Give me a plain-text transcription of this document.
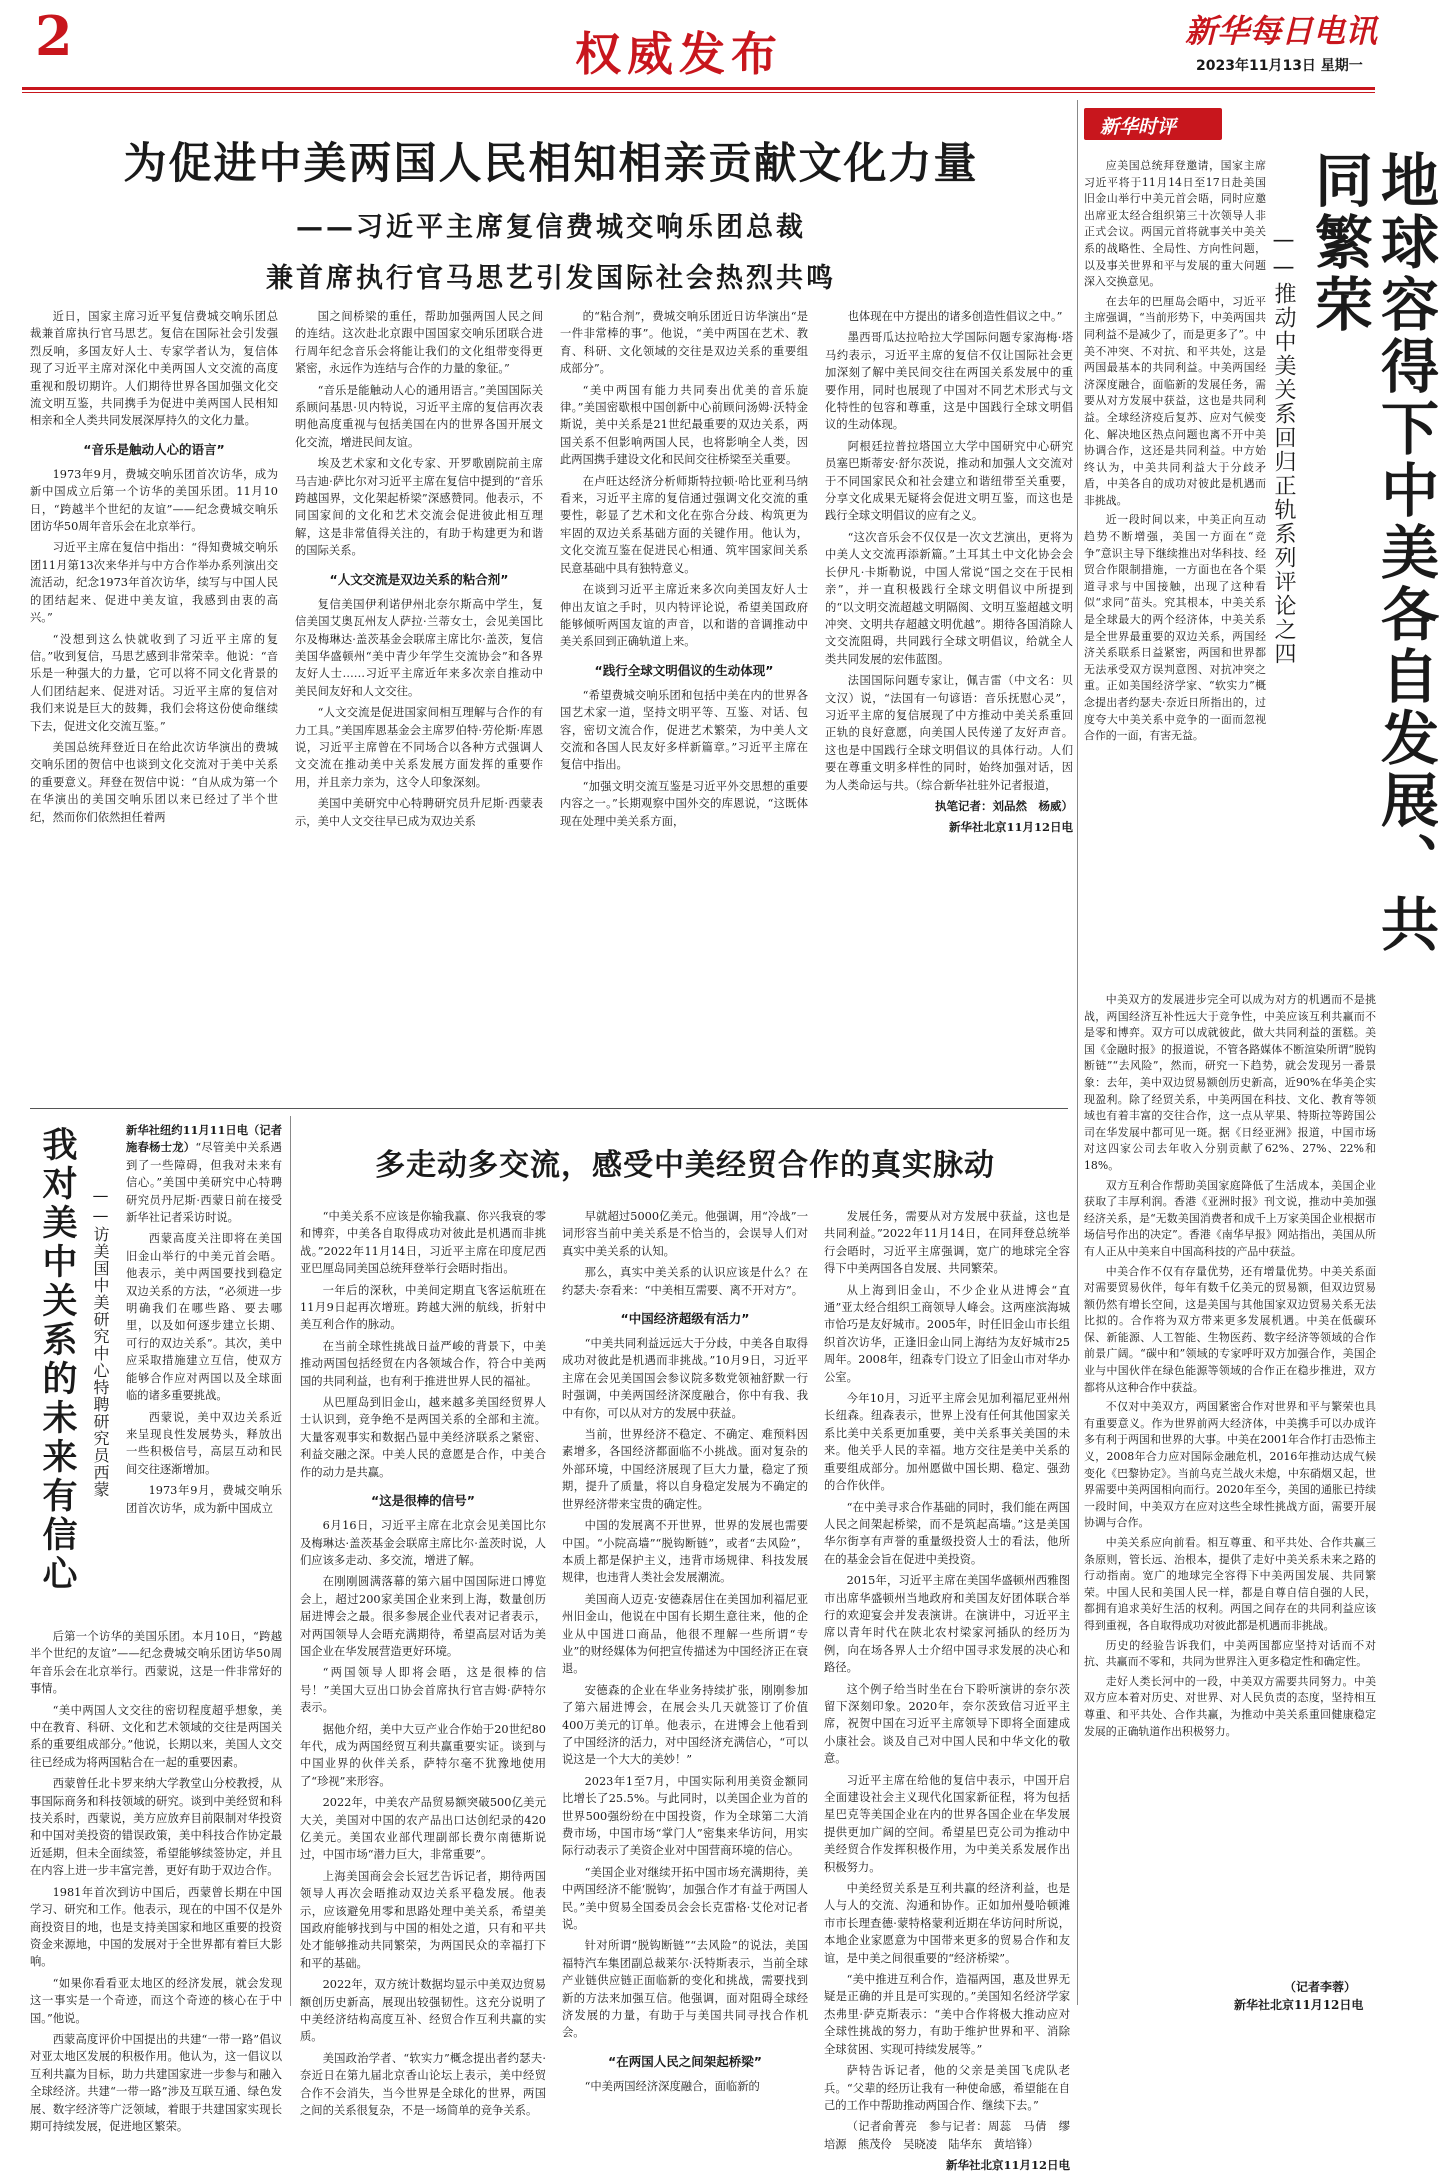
2	权威发布	新华每日电讯
2023年11月13日 星期一
为促进中美两国人民相知相亲贡献文化力量
——习近平主席复信费城交响乐团总裁
兼首席执行官马思艺引发国际社会热烈共鸣

近日，国家主席习近平复信费城交响乐团总裁兼首席执行官马思艺。复信在国际社会引发强烈反响，多国友好人士、专家学者认为，复信体现了习近平主席对深化中美两国人文交流的高度重视和殷切期许。人们期待世界各国加强文化交流文明互鉴，共同携手为促进中美两国人民相知相亲和全人类共同发展深厚持久的文化力量。

“音乐是触动人心的语言”

1973年9月，费城交响乐团首次访华，成为新中国成立后第一个访华的美国乐团。11月10日，“跨越半个世纪的友谊”——纪念费城交响乐团访华50周年音乐会在北京举行。

习近平主席在复信中指出：“得知费城交响乐团11月第13次来华并与中方合作举办系列演出交流活动，纪念1973年首次访华，续写与中国人民的团结起来、促进中美友谊，我感到由衷的高兴。”

“没想到这么快就收到了习近平主席的复信。”收到复信，马思艺感到非常荣幸。他说：“音乐是一种强大的力量，它可以将不同文化背景的人们团结起来、促进对话。习近平主席的复信对我们来说是巨大的鼓舞，我们会将这份使命继续下去，促进文化交流互鉴。”

美国总统拜登近日在给此次访华演出的费城交响乐团的贺信中也谈到文化交流对于美中关系的重要意义。拜登在贺信中说：“自从成为第一个在华演出的美国交响乐团以来已经过了半个世纪，然而你们依然担任着两

国之间桥梁的重任，帮助加强两国人民之间的连结。这次赴北京跟中国国家交响乐团联合进行周年纪念音乐会将能让我们的文化组带变得更紧密，永远作为连结与合作的力量的象征。”

“音乐是能触动人心的通用语言。”美国国际关系顾问基思·贝内特说，习近平主席的复信再次表明他高度重视与包括美国在内的世界各国开展文化交流，增进民间友谊。

埃及艺术家和文化专家、开罗歌剧院前主席马吉迪·萨比尔对习近平主席在复信中提到的“音乐跨越国界，文化架起桥梁”深感赞同。他表示，不同国家间的文化和艺术交流会促进彼此相互理解，这是非常值得关注的，有助于构建更为和谐的国际关系。

“人文交流是双边关系的粘合剂”

复信美国伊利诺伊州北奈尔斯高中学生，复信美国艾奥瓦州友人萨拉·兰蒂女士，会见美国比尔及梅琳达·盖茨基金会联席主席比尔·盖茨，复信美国华盛顿州“美中青少年学生交流协会”和各界友好人士……习近平主席近年来多次亲自推动中美民间友好和人文交往。

“人文交流是促进国家间相互理解与合作的有力工具。”美国库恩基金会主席罗伯特·劳伦斯·库恩说，习近平主席曾在不同场合以各种方式强调人文交流在推动美中关系发展方面发挥的重要作用，并且亲力亲为，这令人印象深刻。

美国中美研究中心特聘研究员升尼斯·西蒙表示，美中人文交往早已成为双边关系

的“粘合剂”，费城交响乐团近日访华演出“是一件非常棒的事”。他说，“美中两国在艺术、教育、科研、文化领域的交往是双边关系的重要组成部分”。

“美中两国有能力共同奏出优美的音乐旋律。”美国密歇根中国创新中心前顾问汤姆·沃特金斯说，美中关系是21世纪最重要的双边关系，两国关系不但影响两国人民，也将影响全人类，因此两国携手建设文化和民间交往桥梁至关重要。

在卢旺达经济分析师斯特拉顿·哈比亚利马纳看来，习近平主席的复信通过强调文化交流的重要性，彰显了艺术和文化在弥合分歧、构筑更为牢固的双边关系基础方面的关键作用。他认为，文化交流互鉴在促进民心相通、筑牢国家间关系民意基础中具有独特意义。

在谈到习近平主席近来多次向美国友好人士伸出友谊之手时，贝内特评论说，希望美国政府能够倾听两国友谊的声音，以和谐的音调推动中美关系回到正确轨道上来。

“践行全球文明倡议的生动体现”

“希望费城交响乐团和包括中美在内的世界各国艺术家一道，坚持文明平等、互鉴、对话、包容，密切文流合作，促进艺术繁荣，为中美人文交流和各国人民友好多样新篇章。”习近平主席在复信中指出。

“加强文明交流互鉴是习近平外交思想的重要内容之一。”长期观察中国外交的库恩说，“这既体现在处理中美关系方面，

也体现在中方提出的诸多创造性倡议之中。”

墨西哥瓜达拉哈拉大学国际问题专家海梅·塔马约表示，习近平主席的复信不仅让国际社会更加深刻了解中美民间交往在两国关系发展中的重要作用，同时也展现了中国对不同艺术形式与文化特性的包容和尊重，这是中国践行全球文明倡议的生动体现。

阿根廷拉普拉塔国立大学中国研究中心研究员塞巴斯蒂安·舒尔茨说，推动和加强人文交流对于不同国家民众和社会建立和谐纽带至关重要，分享文化成果无疑将会促进文明互鉴，而这也是践行全球文明倡议的应有之义。

“这次音乐会不仅仅是一次文艺演出，更将为中美人文交流再添新篇。”土耳其土中文化协会会长伊凡·卡斯勒说，中国人常说“国之交在于民相亲”，并一直积极践行全球文明倡议中所提到的“以文明交流超越文明隔阂、文明互鉴超越文明冲突、文明共存超越文明优越”。期待各国消除人文交流阻碍，共同践行全球文明倡议，给就全人类共同发展的宏伟蓝图。

法国国际问题专家让，佩吉雷（中文名：贝文汉）说，“法国有一句谚语：音乐抚慰心灵”，习近平主席的复信展现了中方推动中美关系重回正轨的良好意愿，向美国人民传递了友好声音。这也是中国践行全球文明倡议的具体行动。人们要在尊重文明多样性的同时，始终加强对话，因为人类命运与共。（综合新华社驻外记者报道，

执笔记者：刘品然　杨威）

新华社北京11月12日电

新华时评
地球容得下中美各自发展、共同繁荣
——推动中美关系回归正轨系列评论之四

应美国总统拜登邀请，国家主席习近平将于11月14日至17日赴美国旧金山举行中美元首会晤，同时应邀出席亚太经合组织第三十次领导人非正式会议。两国元首将就事关中美关系的战略性、全局性、方向性问题，以及事关世界和平与发展的重大问题深入交换意见。

在去年的巴厘岛会晤中，习近平主席强调，“当前形势下，中美两国共同利益不是减少了，而是更多了”。中美不冲突、不对抗、和平共处，这是两国最基本的共同利益。中美两国经济深度融合，面临新的发展任务，需要从对方发展中获益，这也是共同利益。全球经济疫后复苏、应对气候变化、解决地区热点问题也离不开中美协调合作，这还是共同利益。中方始终认为，中美共同利益大于分歧矛盾，中美各自的成功对彼此是机遇而非挑战。

近一段时间以来，中美正向互动趋势不断增强，美国一方面在“竞争”意识主导下继续推出对华科技、经贸合作限制措施，一方面也在各个渠道寻求与中国接触，出现了这种看似“求同”苗头。究其根本，中美关系是全球最大的两个经济体，中美关系是全世界最重要的双边关系，两国经济关系联系日益紧密，两国和世界都无法承受双方误判意图、对抗冲突之重。正如美国经济学家、“软实力”概念提出者约瑟夫·奈近日所指出的，过度夸大中美关系中竞争的一面而忽视合作的一面，有害无益。

中美双方的发展进步完全可以成为对方的机遇而不是挑战，两国经济互补性远大于竞争性，中美应该互利共赢而不是零和博弈。双方可以成就彼此，做大共同利益的蛋糕。美国《金融时报》的报道说，不管各路媒体不断渲染所谓“脱钩断链”“去风险”，然而，研究一下趋势，就会发现另一番景象：去年，美中双边贸易额创历史新高，近90%在华美企实现盈利。除了经贸关系，中美两国在科技、文化、教育等领域也有着丰富的交往合作，这一点从苹果、特斯拉等跨国公司在华发展中都可见一斑。据《日经亚洲》报道，中国市场对这四家公司去年收入分别贡献了62%、27%、22%和18%。

双方互利合作帮助美国家庭降低了生活成本，美国企业获取了丰厚利润。香港《亚洲时报》刊文说，推动中美加强经济关系，是“无数美国消费者和成千上万家美国企业根据市场信号作出的决定”。香港《南华早报》网站指出，美国从所有人正从中美来自中国高科技的产品中获益。

中美合作不仅有存量优势，还有增量优势。中美关系面对需要贸易伙伴，每年有数千亿美元的贸易额，但双边贸易额仍然有增长空间，这是美国与其他国家双边贸易关系无法比拟的。合作将为双方带来更多发展机遇。中美在低碳环保、新能源、人工智能、生物医药、数字经济等领域的合作前景广阔。“碳中和”领域的专家呼吁双方加强合作，美国企业与中国伙伴在绿色能源等领域的合作正在稳步推进，双方都将从这种合作中获益。

不仅对中美双方，两国紧密合作对世界和平与繁荣也具有重要意义。作为世界前两大经济体，中美携手可以办成许多有利于两国和世界的大事。中美在2001年合作打击恐怖主义，2008年合力应对国际金融危机，2016年推动达成气候变化《巴黎协定》。当前乌克兰战火未熄，中东硝烟又起，世界需要中美两国相向而行。2020年至今，美国的通胀已持续一段时间，中美双方在应对这些全球性挑战方面，需要开展协调与合作。

中美关系应向前看。相互尊重、和平共处、合作共赢三条原则，管长远、治根本，提供了走好中美关系未来之路的行动指南。宽广的地球完全容得下中美两国发展、共同繁荣。中国人民和美国人民一样，都是自尊自信自强的人民，都拥有追求美好生活的权利。两国之间存在的共同利益应该得到重视，各自取得成功对彼此都是机遇而非挑战。

历史的经验告诉我们，中美两国都应坚持对话而不对抗、共赢而不零和，共同为世界注入更多稳定性和确定性。

走好人类长河中的一段，中美双方需要共同努力。中美双方应本着对历史、对世界、对人民负责的态度，坚持相互尊重、和平共处、合作共赢，为推动中美关系重回健康稳定发展的正确轨道作出积极努力。

（记者李蓉）
新华社北京11月12日电
我对美中关系的未来有信心 ——访美国中美研究中心特聘研究员西蒙

新华社纽约11月11日电（记者施春杨士龙）“尽管美中关系遇到了一些障碍，但我对未来有信心。”美国中美研究中心特聘研究员丹尼斯·西蒙日前在接受新华社记者采访时说。

西蒙高度关注即将在美国旧金山举行的中美元首会晤。他表示，美中两国要找到稳定双边关系的方法，“必须进一步明确我们在哪些路、要去哪里，以及如何逐步建立长期、可行的双边关系”。其次，美中应采取措施建立互信，使双方能够合作应对两国以及全球面临的诸多重要挑战。

西蒙说，美中双边关系近来呈现良性发展势头，释放出一些积极信号，高层互动和民间交往逐渐增加。

1973年9月，费城交响乐团首次访华，成为新中国成立

后第一个访华的美国乐团。本月10日，“跨越半个世纪的友谊”——纪念费城交响乐团访华50周年音乐会在北京举行。西蒙说，这是一件非常好的事情。

“美中两国人文交往的密切程度超乎想象，美中在教育、科研、文化和艺术领域的交往是两国关系的重要组成部分。”他说，长期以来，美国人文交往已经成为将两国粘合在一起的重要因素。

西蒙曾任北卡罗来纳大学教堂山分校教授，从事国际商务和科技领域的研究。谈到中美经贸和科技关系时，西蒙说，美方应放弃目前限制对华投资和中国对美投资的错误政策，美中科技合作协定最近延期，但未全面续签，希望能够续签协定，并且在内容上进一步丰富完善，更好有助于双边合作。

1981年首次到访中国后，西蒙曾长期在中国学习、研究和工作。他表示，现在的中国不仅是外商投资目的地，也是支持美国家和地区重要的投资资金来源地，中国的发展对于全世界都有着巨大影响。

“如果你看看亚太地区的经济发展，就会发现这一事实是一个奇迹，而这个奇迹的核心在于中国。”他说。

西蒙高度评价中国提出的共建“一带一路”倡议对亚太地区发展的积极作用。他认为，这一倡议以互利共赢为目标，助力共建国家进一步参与和融入全球经济。共建“一带一路”涉及互联互通、绿色发展、数字经济等广泛领域，着眼于共建国家实现长期可持续发展，促进地区繁荣。

多走动多交流，感受中美经贸合作的真实脉动

“中美关系不应该是你输我赢、你兴我衰的零和博弈，中美各自取得成功对彼此是机遇而非挑战。”2022年11月14日，习近平主席在印度尼西亚巴厘岛同美国总统拜登举行会晤时指出。

一年后的深秋，中美间定期直飞客运航班在11月9日起再次增班。跨越大洲的航线，折射中美互利合作的脉动。

在当前全球性挑战日益严峻的背景下，中美推动两国包括经贸在内各领域合作，符合中美两国的共同利益，也有利于推进世界人民的福祉。

从巴厘岛到旧金山，越来越多美国经贸界人士认识到，竞争绝不是两国关系的全部和主流。大量客观事实和数据凸显中美经济联系之紧密、利益交融之深。中美人民的意愿是合作，中美合作的动力是共赢。

“这是很棒的信号”

6月16日，习近平主席在北京会见美国比尔及梅琳达·盖茨基金会联席主席比尔·盖茨时说，人们应该多走动、多交流，增进了解。

在刚刚圆满落幕的第六届中国国际进口博览会上，超过200家美国企业来到上海，数量创历届进博会之最。很多参展企业代表对记者表示，对两国领导人会晤充满期待，希望高层对话为美国企业在华发展营造更好环境。

“两国领导人即将会晤，这是很棒的信号！”美国大豆出口协会首席执行官吉姆·萨特尔表示。

据他介绍，美中大豆产业合作始于20世纪80年代，成为两国经贸互利共赢重要实证。谈到与中国业界的伙伴关系，萨特尔毫不犹豫地使用了“珍视”来形容。

2022年，中美农产品贸易额突破500亿美元大关，美国对中国的农产品出口达创纪录的420亿美元。美国农业部代理副部长费尔南德斯说过，中国市场“潜力巨大，非常重要”。

上海美国商会会长冠艺告诉记者，期待两国领导人再次会晤推动双边关系平稳发展。他表示，应该避免用零和思路处理中美关系，希望美国政府能够找到与中国的相处之道，只有和平共处才能够推动共同繁荣，为两国民众的幸福打下和平的基础。

2022年，双方统计数据均显示中美双边贸易额创历史新高，展现出较强韧性。这充分说明了中美经济结构高度互补、经贸合作互利共赢的实质。

美国政治学者、“软实力”概念提出者约瑟夫·奈近日在第九届北京香山论坛上表示，美中经贸合作不会消失，当今世界是全球化的世界，两国之间的关系很复杂，不是一场简单的竞争关系。

早就超过5000亿美元。他强调，用“冷战”一词形容当前中美关系是不恰当的，会误导人们对真实中美关系的认知。

那么，真实中美关系的认识应该是什么？在约瑟夫·奈看来：“中美相互需要、离不开对方”。

“中国经济超级有活力”

“中美共同利益远远大于分歧，中美各自取得成功对彼此是机遇而非挑战。”10月9日，习近平主席在会见美国国会参议院多数党领袖舒默一行时强调，中美两国经济深度融合，你中有我、我中有你，可以从对方的发展中获益。

当前，世界经济不稳定、不确定、难预料因素增多，各国经济都面临不小挑战。面对复杂的外部环境，中国经济展现了巨大力量，稳定了预期，提升了质量，将以自身稳定发展为不确定的世界经济带来宝贵的确定性。

中国的发展离不开世界，世界的发展也需要中国。“小院高墙”“脱钩断链”，或者“去风险”，本质上都是保护主义，违背市场规律、科技发展规律，也违背人类社会发展潮流。

美国商人迈克·安德森居住在美国加利福尼亚州旧金山，他说在中国有长期生意往来，他的企业从中国进口商品，他很不理解一些所谓“专业”的财经媒体为何把宣传描述为中国经济正在衰退。

安德森的企业在华业务持续扩张，刚刚参加了第六届进博会，在展会头几天就签订了价值400万美元的订单。他表示，在进博会上他看到了中国经济的活力，对中国经济充满信心，“可以说这是一个大大的美妙！”

2023年1至7月，中国实际利用美资金额同比增长了25.5%。与此同时，以美国企业为首的世界500强纷纷在中国投资，作为全球第二大消费市场，中国市场“掌门人”密集来华访问，用实际行动表示了美资企业对中国营商环境的信心。

“美国企业对继续开拓中国市场充满期待，美中两国经济不能‘脱钩’，加强合作才有益于两国人民。”美中贸易全国委员会会长克雷格·艾伦对记者说。

针对所谓“脱钩断链”“去风险”的说法，美国福特汽车集团副总裁莱尔·沃特斯表示，当前全球产业链供应链正面临新的变化和挑战，需要找到新的方法来加强互信。他强调，面对阻碍全球经济发展的力量，有助于与美国共同寻找合作机会。

“在两国人民之间架起桥梁”

“中美两国经济深度融合，面临新的

发展任务，需要从对方发展中获益，这也是共同利益。”2022年11月14日，在同拜登总统举行会晤时，习近平主席强调，宽广的地球完全容得下中美两国各自发展、共同繁荣。

从上海到旧金山，不少企业从进博会“直通”亚太经合组织工商领导人峰会。这两座滨海城市恰巧是友好城市。2005年，时任旧金山市长组织首次访华，正逢旧金山同上海结为友好城市25周年。2008年，纽森专门设立了旧金山市对华办公室。

今年10月，习近平主席会见加利福尼亚州州长纽森。纽森表示，世界上没有任何其他国家关系比美中关系更加重要，美中关系事关美国的未来。他关乎人民的幸福。地方交往是美中关系的重要组成部分。加州愿做中国长期、稳定、强劲的合作伙伴。

“在中美寻求合作基础的同时，我们能在两国人民之间架起桥梁，而不是筑起高墙。”这是美国华尔街享有声誉的重量级投资人士的看法，他所在的基金会旨在促进中美投资。

2015年，习近平主席在美国华盛顿州西雅图市出席华盛顿州当地政府和美国友好团体联合举行的欢迎宴会并发表演讲。在演讲中，习近平主席以青年时代在陕北农村梁家河插队的经历为例，向在场各界人士介绍中国寻求发展的决心和路径。

这个例子给当时坐在台下聆听演讲的奈尔茨留下深刻印象。2020年，奈尔茨致信习近平主席，祝贺中国在习近平主席领导下即将全面建成小康社会。谈及自己对中国人民和中华文化的敬意。

习近平主席在给他的复信中表示，中国开启全面建设社会主义现代化国家新征程，将为包括星巴克等美国企业在内的世界各国企业在华发展提供更加广阔的空间。希望星巴克公司为推动中美经贸合作发挥积极作用，为中美关系发展作出积极努力。

中美经贸关系是互利共赢的经济利益，也是人与人的交流、沟通和协作。正如加州曼哈顿滩市市长理查德·蒙特格蒙利近期在华访问时所说，本地企业家愿意为中国带来更多的贸易合作和友谊，是中美之间很重要的“经济桥梁”。

“美中推进互利合作，造福两国，惠及世界无疑是正确的并且是可实现的。”美国知名经济学家杰弗里·萨克斯表示：“美中合作将极大推动应对全球性挑战的努力，有助于维护世界和平、消除全球贫困、实现可持续发展等。”

萨特告诉记者，他的父亲是美国飞虎队老兵。“父辈的经历让我有一种使命感，希望能在自己的工作中帮助推动两国合作、继续下去。”

（记者俞菁亮　参与记者：周蕊　马倩　缪培源　熊茂伶　吴晓凌　陆华东　黄培锋）

新华社北京11月12日电
